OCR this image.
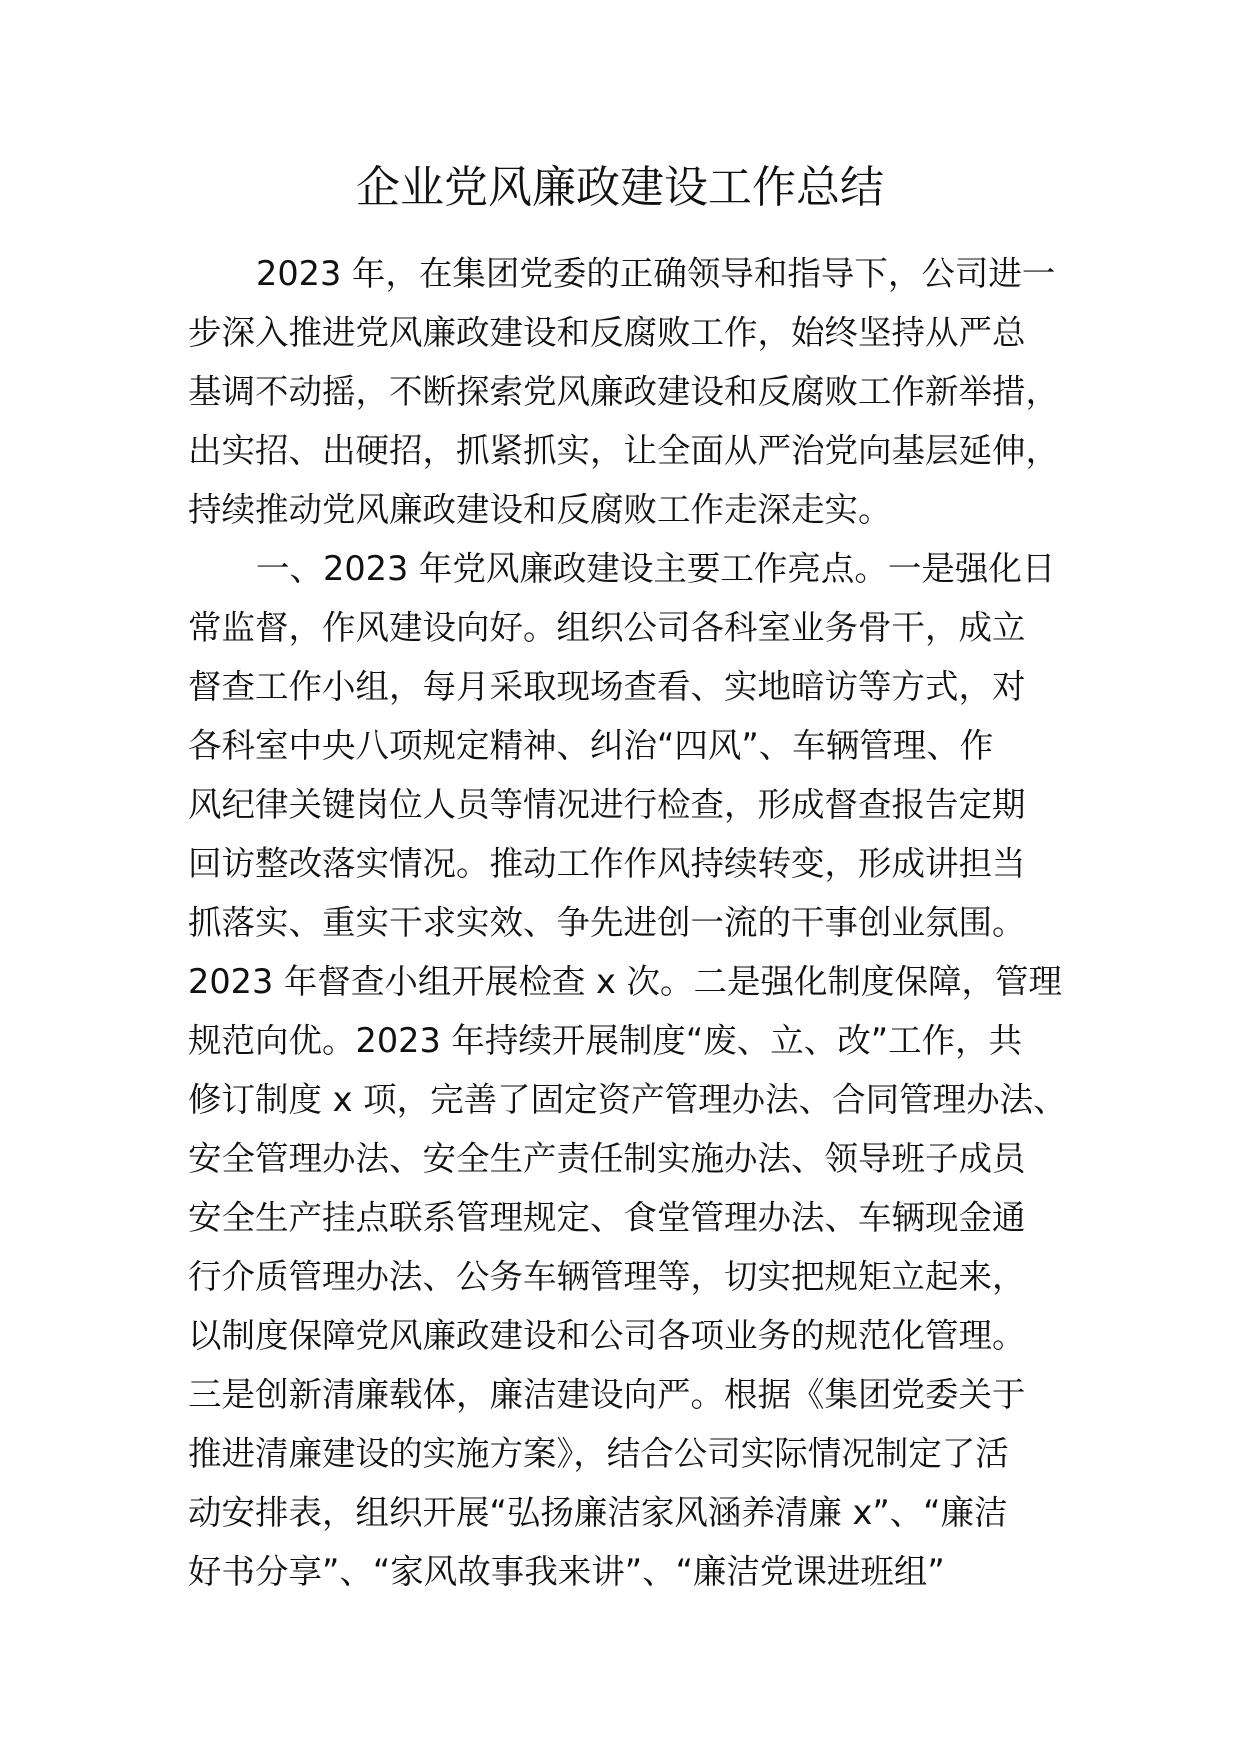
企业党风廉政建设工作总结
2023 年，在集团党委的正确领导和指导下，公司进一
步深入推进党风廉政建设和反腐败工作，始终坚持从严总
基调不动摇，不断探索党风廉政建设和反腐败工作新举措，
出实招、出硬招，抓紧抓实，让全面从严治党向基层延伸，
持续推动党风廉政建设和反腐败工作走深走实。
一、2023 年党风廉政建设主要工作亮点。一是强化日
常监督，作风建设向好。组织公司各科室业务骨干，成立
督查工作小组，每月采取现场查看、实地暗访等方式，对
各科室中央八项规定精神、纠治“四风”、车辆管理、作
风纪律关键岗位人员等情况进行检查，形成督查报告定期
回访整改落实情况。推动工作作风持续转变，形成讲担当
抓落实、重实干求实效、争先进创一流的干事创业氛围。
2023 年督查小组开展检查 x 次。二是强化制度保障，管理
规范向优。2023 年持续开展制度“废、立、改”工作，共
修订制度 x 项，完善了固定资产管理办法、合同管理办法、
安全管理办法、安全生产责任制实施办法、领导班子成员
安全生产挂点联系管理规定、食堂管理办法、车辆现金通
行介质管理办法、公务车辆管理等，切实把规矩立起来，
以制度保障党风廉政建设和公司各项业务的规范化管理。
三是创新清廉载体，廉洁建设向严。根据《集团党委关于
推进清廉建设的实施方案》，结合公司实际情况制定了活
动安排表，组织开展“弘扬廉洁家风涵养清廉 x”、“廉洁
好书分享”、“家风故事我来讲”、“廉洁党课进班组”
